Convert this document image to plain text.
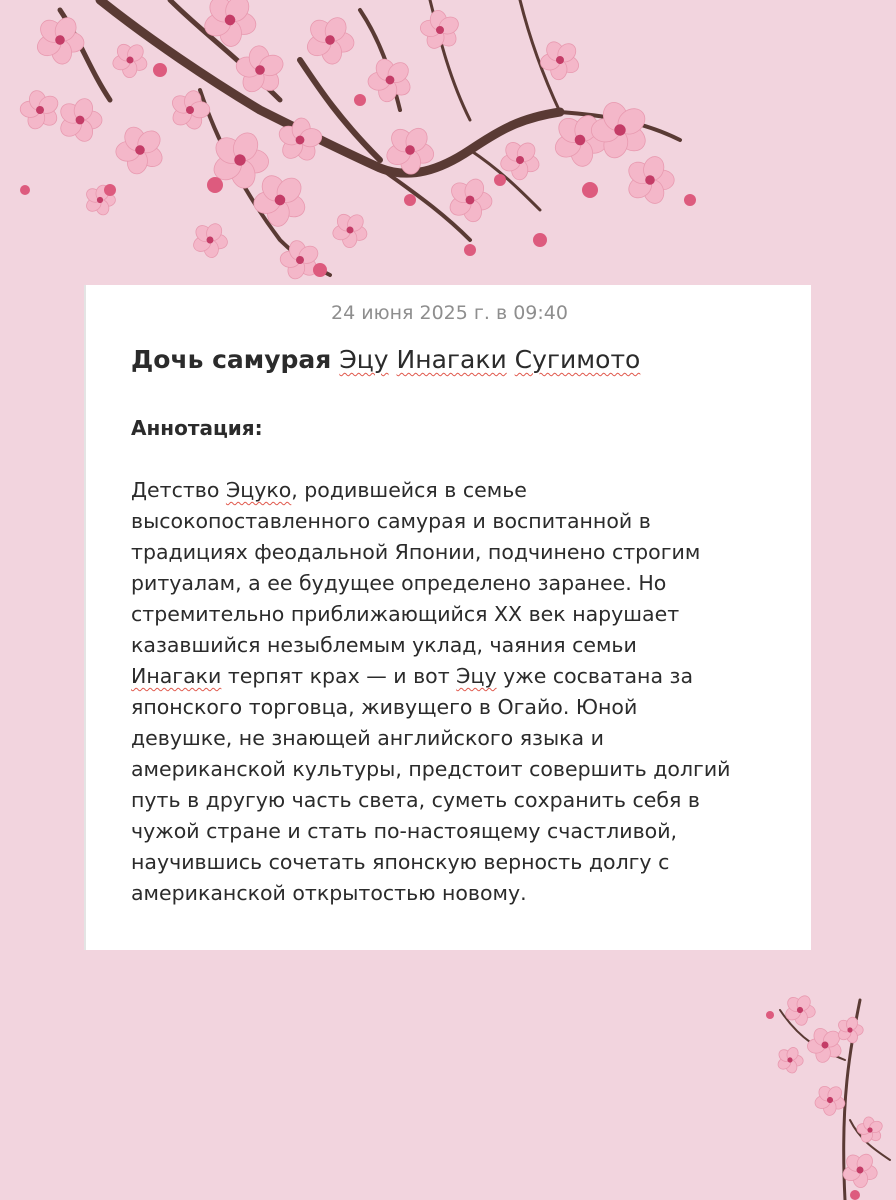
24 июня 2025 г. в 09:40
Дочь самурая Эцу Инагаки Сугимото
Аннотация:
Детство Эцуко, родившейся в семье
высокопоставленного самурая и воспитанной в
традициях феодальной Японии, подчинено строгим
ритуалам, а ее будущее определено заранее. Но
стремительно приближающийся XX век нарушает
казавшийся незыблемым уклад, чаяния семьи
Инагаки терпят крах — и вот Эцу уже сосватана за
японского торговца, живущего в Огайо. Юной
девушке, не знающей английского языка и
американской культуры, предстоит совершить долгий
путь в другую часть света, суметь сохранить себя в
чужой стране и стать по-настоящему счастливой,
научившись сочетать японскую верность долгу с
американской открытостью новому.
